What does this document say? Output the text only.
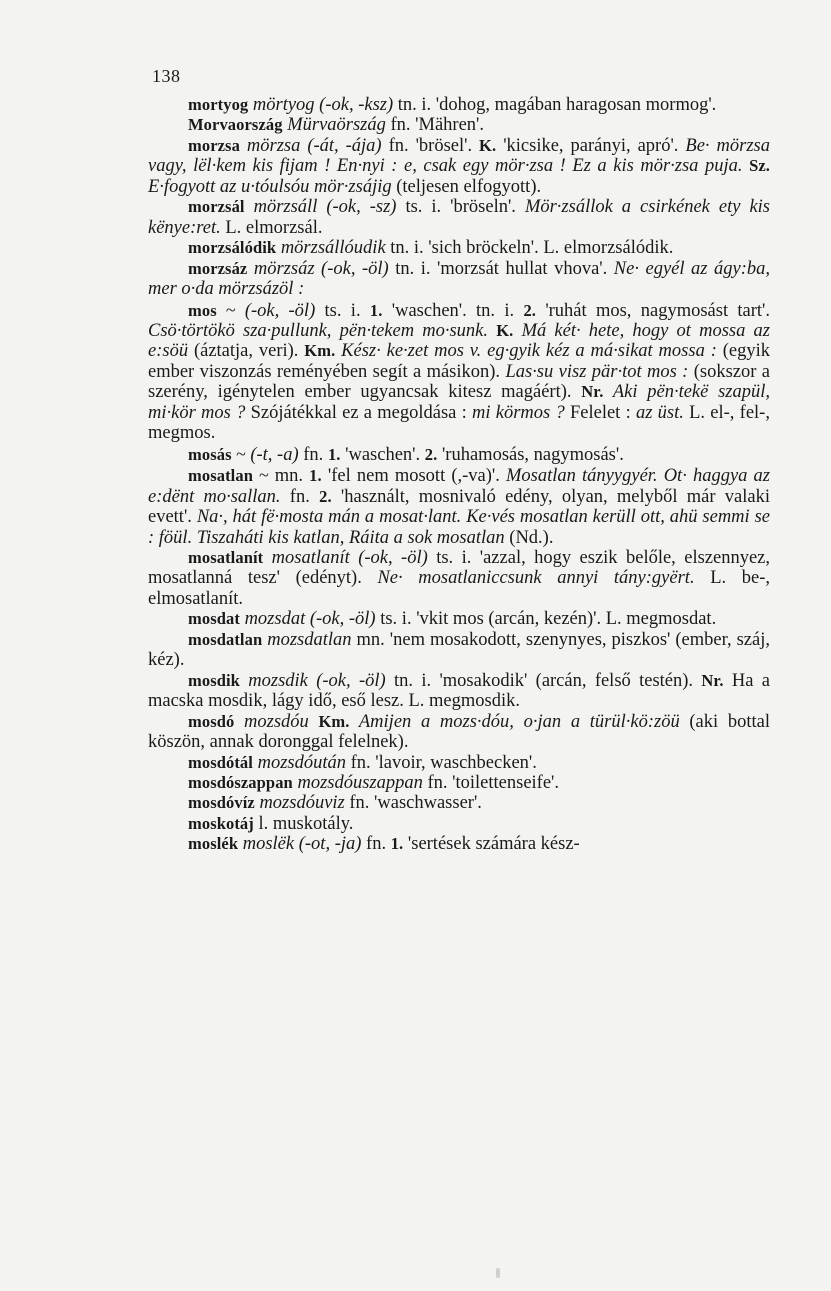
138

mortyog mörtyog (-ok, -ksz) tn. i. 'dohog, magában haragosan mormog'.

Morvaország Mürvaörszág fn. 'Mähren'.

morzsa mörzsa (-át, -ája) fn. 'brösel'. K. 'kicsike, parányi, apró'. Be· mörzsa vagy, lël·kem kis fijam ! En·nyi : e, csak egy mör·zsa ! Ez a kis mör·zsa puja. Sz. E·fogyott az u·tóulsóu mör·zsájig (teljesen elfogyott).

morzsál mörzsáll (-ok, -sz) ts. i. 'bröseln'. Mör·zsállok a csirkének ety kis kënye:ret. L. elmorzsál.

morzsálódik mörzsállóudik tn. i. 'sich bröckeln'. L. elmorzsálódik.

morzsáz mörzsáz (-ok, -öl) tn. i. 'morzsát hullat vhova'. Ne· egyél az ágy:ba, mer o·da mörzsázöl :

mos ~ (-ok, -öl) ts. i. 1. 'waschen'. tn. i. 2. 'ruhát mos, nagymosást tart'. Csö·törtökö sza·pullunk, pën·tekem mo·sunk. K. Má két· hete, hogy ot mossa az e:söü (áztatja, veri). Km. Kész· ke·zet mos v. eg·gyik kéz a má·sikat mossa : (egyik ember viszonzás reményében segít a másikon). Las·su visz pär·tot mos : (sokszor a szerény, igénytelen ember ugyancsak kitesz magáért). Nr. Aki pën·tekë szapül, mi·kör mos ? Szójátékkal ez a megoldása : mi körmos ? Felelet : az üst. L. el-, fel-, megmos.

mosás ~ (-t, -a) fn. 1. 'waschen'. 2. 'ruhamosás, nagymosás'.

mosatlan ~ mn. 1. 'fel nem mosott (,-va)'. Mosatlan tányygyér. Ot· haggya az e:dënt mo·sallan. fn. 2. 'használt, mosnivaló edény, olyan, melyből már valaki evett'. Na·, hát fë·mosta mán a mosat·lant. Ke·vés mosatlan kerüll ott, ahü semmi se : föül. Tiszaháti kis katlan, Ráita a sok mosatlan (Nd.).

mosatlanít mosatlanít (-ok, -öl) ts. i. 'azzal, hogy eszik belőle, elszennyez, mosatlanná tesz' (edényt). Ne· mosatlaniccsunk annyi tány:gyërt. L. be-, elmosatlanít.

mosdat mozsdat (-ok, -öl) ts. i. 'vkit mos (arcán, kezén)'. L. megmosdat.

mosdatlan mozsdatlan mn. 'nem mosakodott, szenynyes, piszkos' (ember, száj, kéz).

mosdik mozsdik (-ok, -öl) tn. i. 'mosakodik' (arcán, felső testén). Nr. Ha a macska mosdik, lágy idő, eső lesz. L. megmosdik.

mosdó mozsdóu Km. Amijen a mozs·dóu, o·jan a türül·kö:zöü (aki bottal köszön, annak doronggal felelnek).

mosdótál mozsdóután fn. 'lavoir, waschbecken'.

mosdószappan mozsdóuszappan fn. 'toilettenseife'.

mosdóvíz mozsdóuviz fn. 'waschwasser'.

moskotáj l. muskotály.

moslék moslëk (-ot, -ja) fn. 1. 'sertések számára kész-
